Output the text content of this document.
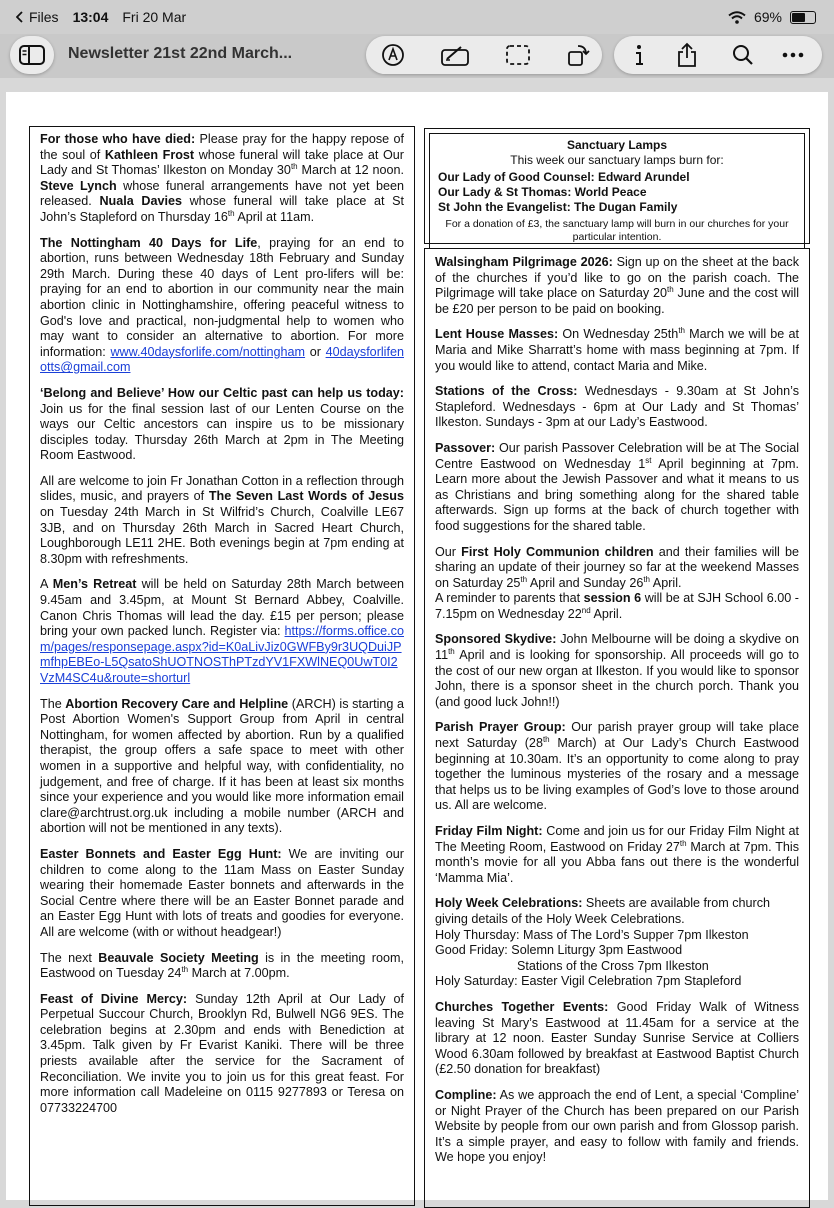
Files 13:04 Fri 20 Mar	69%
Newsletter 21st 22nd March...

For those who have died: Please pray for the happy repose of the soul of Kathleen Frost whose funeral will take place at Our Lady and St Thomas’ Ilkeston on Monday 30th March at 12 noon. Steve Lynch whose funeral arrangements have not yet been released. Nuala Davies whose funeral will take place at St John’s Stapleford on Thursday 16th April at 11am.

The Nottingham 40 Days for Life, praying for an end to abortion, runs between Wednesday 18th February and Sunday 29th March. During these 40 days of Lent pro-lifers will be: praying for an end to abortion in our community near the main abortion clinic in Nottinghamshire, offering peaceful witness to God's love and practical, non-judgmental help to women who may want to consider an alternative to abortion. For more information: www.40daysforlife.com/nottingham or 40daysforlifenotts@gmail.com

‘Belong and Believe’ How our Celtic past can help us today: Join us for the final session last of our Lenten Course on the ways our Celtic ancestors can inspire us to be missionary disciples today. Thursday 26th March at 2pm in The Meeting Room Eastwood.

All are welcome to join Fr Jonathan Cotton in a reflection through slides, music, and prayers of The Seven Last Words of Jesus on Tuesday 24th March in St Wilfrid’s Church, Coalville LE67 3JB, and on Thursday 26th March in Sacred Heart Church, Loughborough LE11 2HE. Both evenings begin at 7pm ending at 8.30pm with refreshments.

A Men’s Retreat will be held on Saturday 28th March between 9.45am and 3.45pm, at Mount St Bernard Abbey, Coalville. Canon Chris Thomas will lead the day. £15 per person; please bring your own packed lunch. Register via: https://forms.office.com/pages/responsepage.aspx?id=K0aLivJiz0GWFBy9r3UQDuiJPmfhpEBEo-L5QsatoShUOTNOSThPTzdYV1FXWlNEQ0UwT0I2VzM4SC4u&route=shorturl

The Abortion Recovery Care and Helpline (ARCH) is starting a Post Abortion Women's Support Group from April in central Nottingham, for women affected by abortion. Run by a qualified therapist, the group offers a safe space to meet with other women in a supportive and helpful way, with confidentiality, no judgement, and free of charge. If it has been at least six months since your experience and you would like more information email clare@archtrust.org.uk including a mobile number (ARCH and abortion will not be mentioned in any texts).

Easter Bonnets and Easter Egg Hunt: We are inviting our children to come along to the 11am Mass on Easter Sunday wearing their homemade Easter bonnets and afterwards in the Social Centre where there will be an Easter Bonnet parade and an Easter Egg Hunt with lots of treats and goodies for everyone. All are welcome (with or without headgear!)

The next Beauvale Society Meeting is in the meeting room, Eastwood on Tuesday 24th March at 7.00pm.

Feast of Divine Mercy: Sunday 12th April at Our Lady of Perpetual Succour Church, Brooklyn Rd, Bulwell NG6 9ES. The celebration begins at 2.30pm and ends with Benediction at 3.45pm. Talk given by Fr Evarist Kaniki. There will be three priests available after the service for the Sacrament of Reconciliation. We invite you to join us for this great feast. For more information call Madeleine on 0115 9277893 or Teresa on 07733224700

Sanctuary Lamps
This week our sanctuary lamps burn for:
Our Lady of Good Counsel: Edward Arundel
Our Lady & St Thomas: World Peace
St John the Evangelist: The Dugan Family
For a donation of £3, the sanctuary lamp will burn in our churches for your particular intention.

Walsingham Pilgrimage 2026: Sign up on the sheet at the back of the churches if you’d like to go on the parish coach. The Pilgrimage will take place on Saturday 20th June and the cost will be £20 per person to be paid on booking.

Lent House Masses: On Wednesday $25th^{th}$ March we will be at Maria and Mike Sharratt’s home with mass beginning at 7pm. If you would like to attend, contact Maria and Mike.

Stations of the Cross: Wednesdays - 9.30am at St John’s Stapleford. Wednesdays - 6pm at Our Lady and St Thomas’ Ilkeston. Sundays - 3pm at our Lady’s Eastwood.

Passover: Our parish Passover Celebration will be at The Social Centre Eastwood on Wednesday 1st April beginning at 7pm. Learn more about the Jewish Passover and what it means to us as Christians and bring something along for the shared table afterwards. Sign up forms at the back of church together with food suggestions for the shared table.

Our First Holy Communion children and their families will be sharing an update of their journey so far at the weekend Masses on Saturday 25th April and Sunday 26th April.
A reminder to parents that session 6 will be at SJH School 6.00 - 7.15pm on Wednesday 22nd April.

Sponsored Skydive: John Melbourne will be doing a skydive on 11th April and is looking for sponsorship. All proceeds will go to the cost of our new organ at Ilkeston. If you would like to sponsor John, there is a sponsor sheet in the church porch. Thank you (and good luck John!!)

Parish Prayer Group: Our parish prayer group will take place next Saturday (28th March) at Our Lady’s Church Eastwood beginning at 10.30am. It’s an opportunity to come along to pray together the luminous mysteries of the rosary and a message that helps us to be living examples of God’s love to those around us. All are welcome.

Friday Film Night: Come and join us for our Friday Film Night at The Meeting Room, Eastwood on Friday 27th March at 7pm. This month’s movie for all you Abba fans out there is the wonderful ‘Mamma Mia’.

Holy Week Celebrations: Sheets are available from church giving details of the Holy Week Celebrations.
Holy Thursday: Mass of The Lord’s Supper 7pm Ilkeston
Good Friday: Solemn Liturgy 3pm Eastwood
Stations of the Cross 7pm Ilkeston
Holy Saturday: Easter Vigil Celebration 7pm Stapleford

Churches Together Events: Good Friday Walk of Witness leaving St Mary’s Eastwood at 11.45am for a service at the library at 12 noon. Easter Sunday Sunrise Service at Colliers Wood 6.30am followed by breakfast at Eastwood Baptist Church (£2.50 donation for breakfast)

Compline: As we approach the end of Lent, a special ‘Compline’ or Night Prayer of the Church has been prepared on our Parish Website by people from our own parish and from Glossop parish. It’s a simple prayer, and easy to follow with family and friends. We hope you enjoy!
